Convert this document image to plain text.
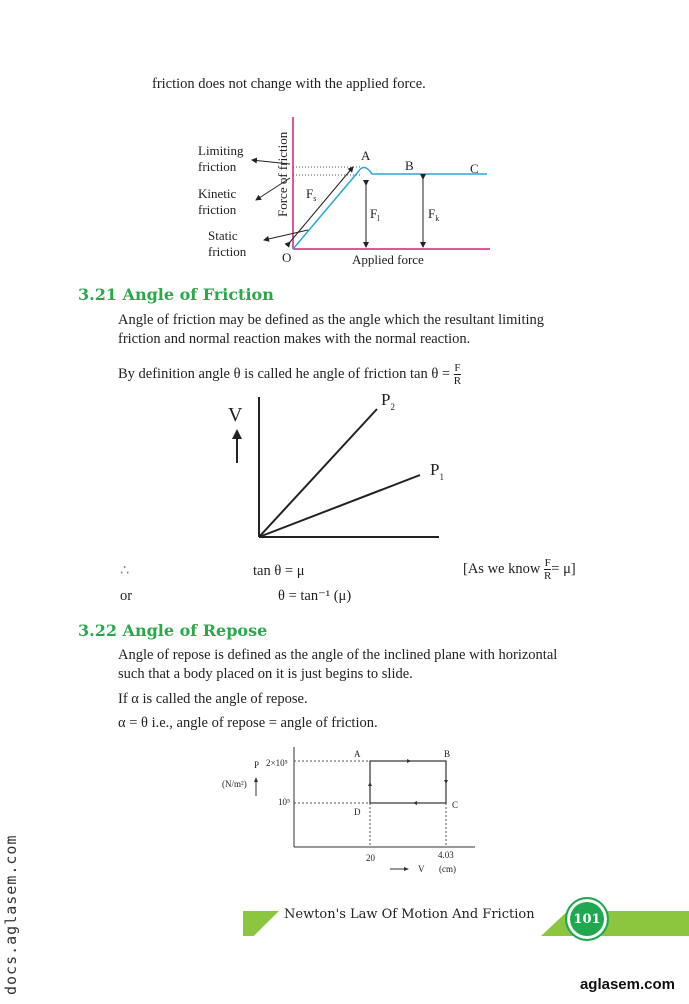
friction does not change with the applied force.
Limiting
friction
Kinetic
friction
Static
friction
Force of friction
Applied force
O
A
B	C
$F_s$
$F_l$	$F_k$
3.21 Angle of Friction
Angle of friction may be defined as the angle which the resultant limiting
friction and normal reaction makes with the normal reaction.
By definition angle θ is called he angle of friction $\tan \theta = \frac{F}{R}$
V
$P_2$
$P_1$
∴	tan θ = μ	[As we know $\frac{F}{R} = \mu$]
or	θ = tan⁻¹ (μ)
3.22 Angle of Repose
Angle of repose is defined as the angle of the inclined plane with horizontal
such that a body placed on it is just begins to slide.
If α is called the angle of repose.
α = θ i.e., angle of repose = angle of friction.
P
(N/m²)
2×10⁵
10⁵
A	B
C
D
20	4.03
V (cm)
Newton's Law Of Motion And Friction	101
docs.aglasem.com	aglasem.com
